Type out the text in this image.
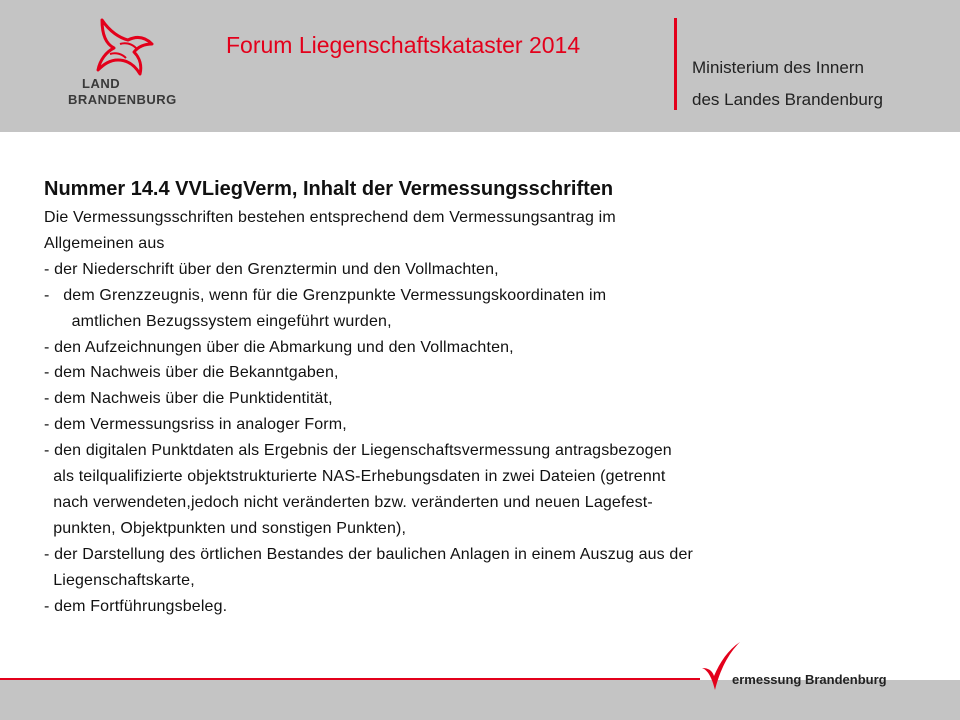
LAND
BRANDENBURG
Forum Liegenschaftskataster 2014
Ministerium des Innern
des Landes Brandenburg
Nummer 14.4 VVLiegVerm, Inhalt der Vermessungsschriften
Die Vermessungsschriften bestehen entsprechend dem Vermessungsantrag im
Allgemeinen aus
- der Niederschrift über den Grenztermin und den Vollmachten,
-   dem Grenzzeugnis, wenn für die Grenzpunkte Vermessungskoordinaten im
amtlichen Bezugssystem eingeführt wurden,
- den Aufzeichnungen über die Abmarkung und den Vollmachten,
- dem Nachweis über die Bekanntgaben,
- dem Nachweis über die Punktidentität,
- dem Vermessungsriss in analoger Form,
- den digitalen Punktdaten als Ergebnis der Liegenschaftsvermessung antragsbezogen
als teilqualifizierte objektstrukturierte NAS-Erhebungsdaten in zwei Dateien (getrennt
nach verwendeten,jedoch nicht veränderten bzw. veränderten und neuen Lagefest-
punkten, Objektpunkten und sonstigen Punkten),
- der Darstellung des örtlichen Bestandes der baulichen Anlagen in einem Auszug aus der
Liegenschaftskarte,
- dem Fortführungsbeleg.
ermessung Brandenburg
